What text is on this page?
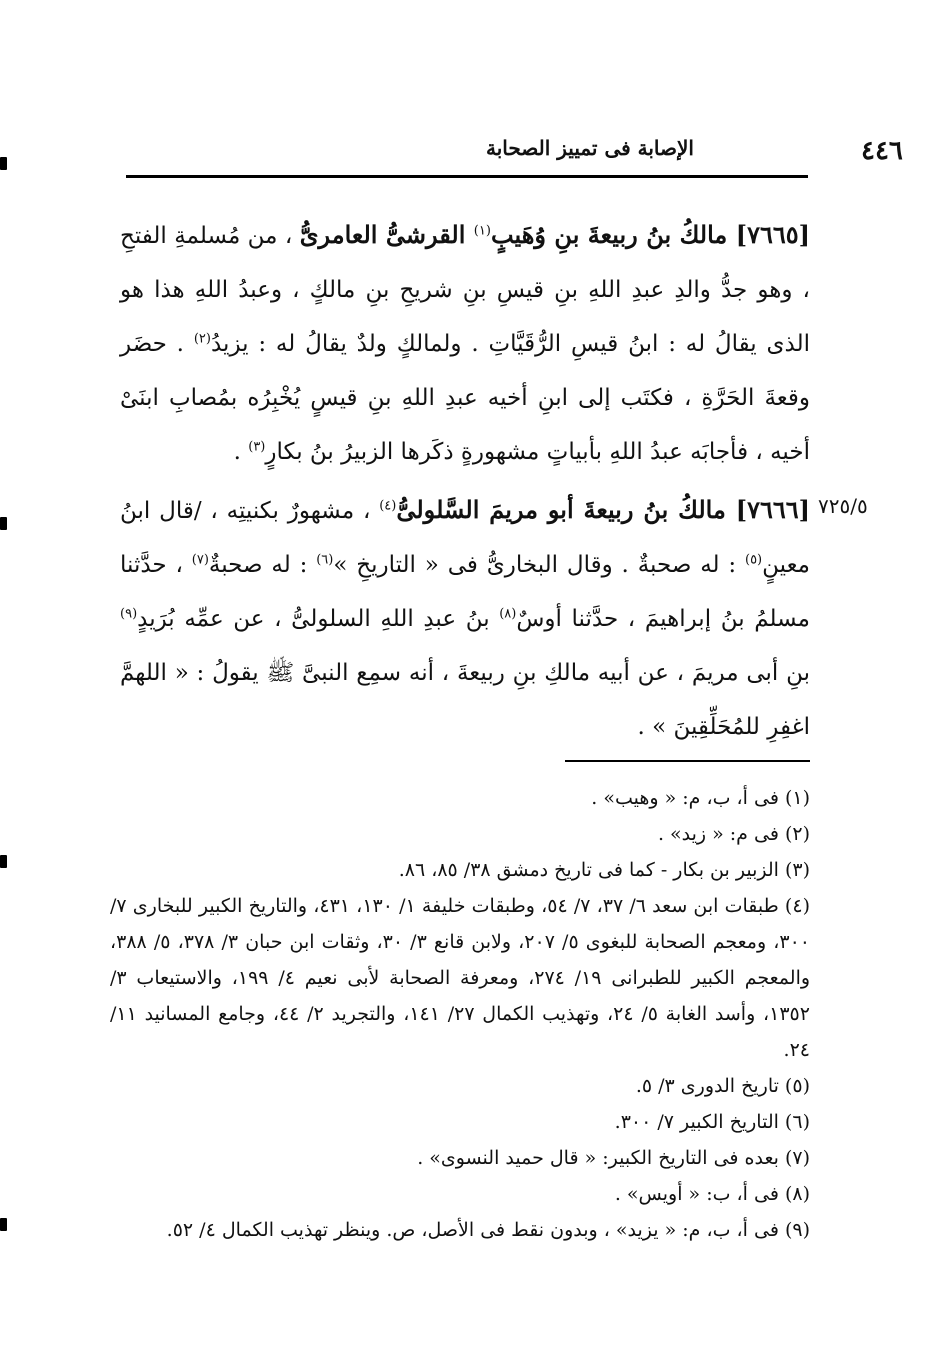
٤٤٦
الإصابة فى تمييز الصحابة

[٧٦٦٥] مالكُ بنُ ربيعةَ بنِ وُهَيبٍ$^{(١)}$ القرشىُّ العامرىُّ ، من مُسلمةِ الفتحِ ، وهو جدُّ والدِ عبدِ اللهِ بنِ قيسِ بنِ شريحِ بنِ مالكٍ ، وعبدُ اللهِ هذا هو الذى يقالُ له : ابنُ قيسِ الرُّقَيَّاتِ . ولمالكٍ ولدٌ يقالُ له : يزيدُ$^{(٢)}$ . حضَر وقعةَ الحَرَّةِ ، فكتَب إلى ابنِ أخيه عبدِ اللهِ بنِ قيسٍ يُخْبِرُه بمُصابِ ابنَىْ أخيه ، فأجابَه عبدُ اللهِ بأبياتٍ مشهورةٍ ذكَرها الزبيرُ بنُ بكارٍ$^{(٣)}$ .

[٧٦٦٦] مالكُ بنُ ربيعةَ أبو مريمَ السَّلولىُّ$^{(٤)}$ ، مشهورٌ بكنيتِه ، /قال ابنُ معينٍ$^{(٥)}$ : له صحبةٌ . وقال البخارىُّ فى « التاريخِ »$^{(٦)}$ : له صحبةٌ$^{(٧)}$ ، حدَّثنا مسلمُ بنُ إبراهيمَ ، حدَّثنا أوسٌ$^{(٨)}$ بنُ عبدِ اللهِ السلولىُّ ، عن عمِّه بُرَيدٍ$^{(٩)}$ بنِ أبى مريمَ ، عن أبيه مالكِ بنِ ربيعةَ ، أنه سمِع النبىَّ ﷺ يقولُ : « اللهمَّ اغفِرِ للمُحَلِّقِينَ » .

٧٢٥/٥
(١) فى أ، ب، م: « وهيب» .
(٢) فى م: « زيد» .
(٣) الزبير بن بكار - كما فى تاريخ دمشق ٣٨/ ٨٥، ٨٦.
(٤) طبقات ابن سعد ٦/ ٣٧، ٧/ ٥٤، وطبقات خليفة ١/ ١٣٠، ٤٣١، والتاريخ الكبير للبخارى ٧/ ٣٠٠، ومعجم الصحابة للبغوى ٥/ ٢٠٧، ولابن قانع ٣/ ٣٠، وثقات ابن حبان ٣/ ٣٧٨، ٥/ ٣٨٨، والمعجم الكبير للطبرانى ١٩/ ٢٧٤، ومعرفة الصحابة لأبى نعيم ٤/ ١٩٩، والاستيعاب ٣/ ١٣٥٢، وأسد الغابة ٥/ ٢٤، وتهذيب الكمال ٢٧/ ١٤١، والتجريد ٢/ ٤٤، وجامع المسانيد ١١/ ٢٤.
(٥) تاريخ الدورى ٣/ ٥.
(٦) التاريخ الكبير ٧/ ٣٠٠.
(٧) بعده فى التاريخ الكبير: « قال حميد النسوى» .
(٨) فى أ، ب: « أويس» .
(٩) فى أ، ب، م: « يزيد» ، وبدون نقط فى الأصل، ص. وينظر تهذيب الكمال ٤/ ٥٢.
